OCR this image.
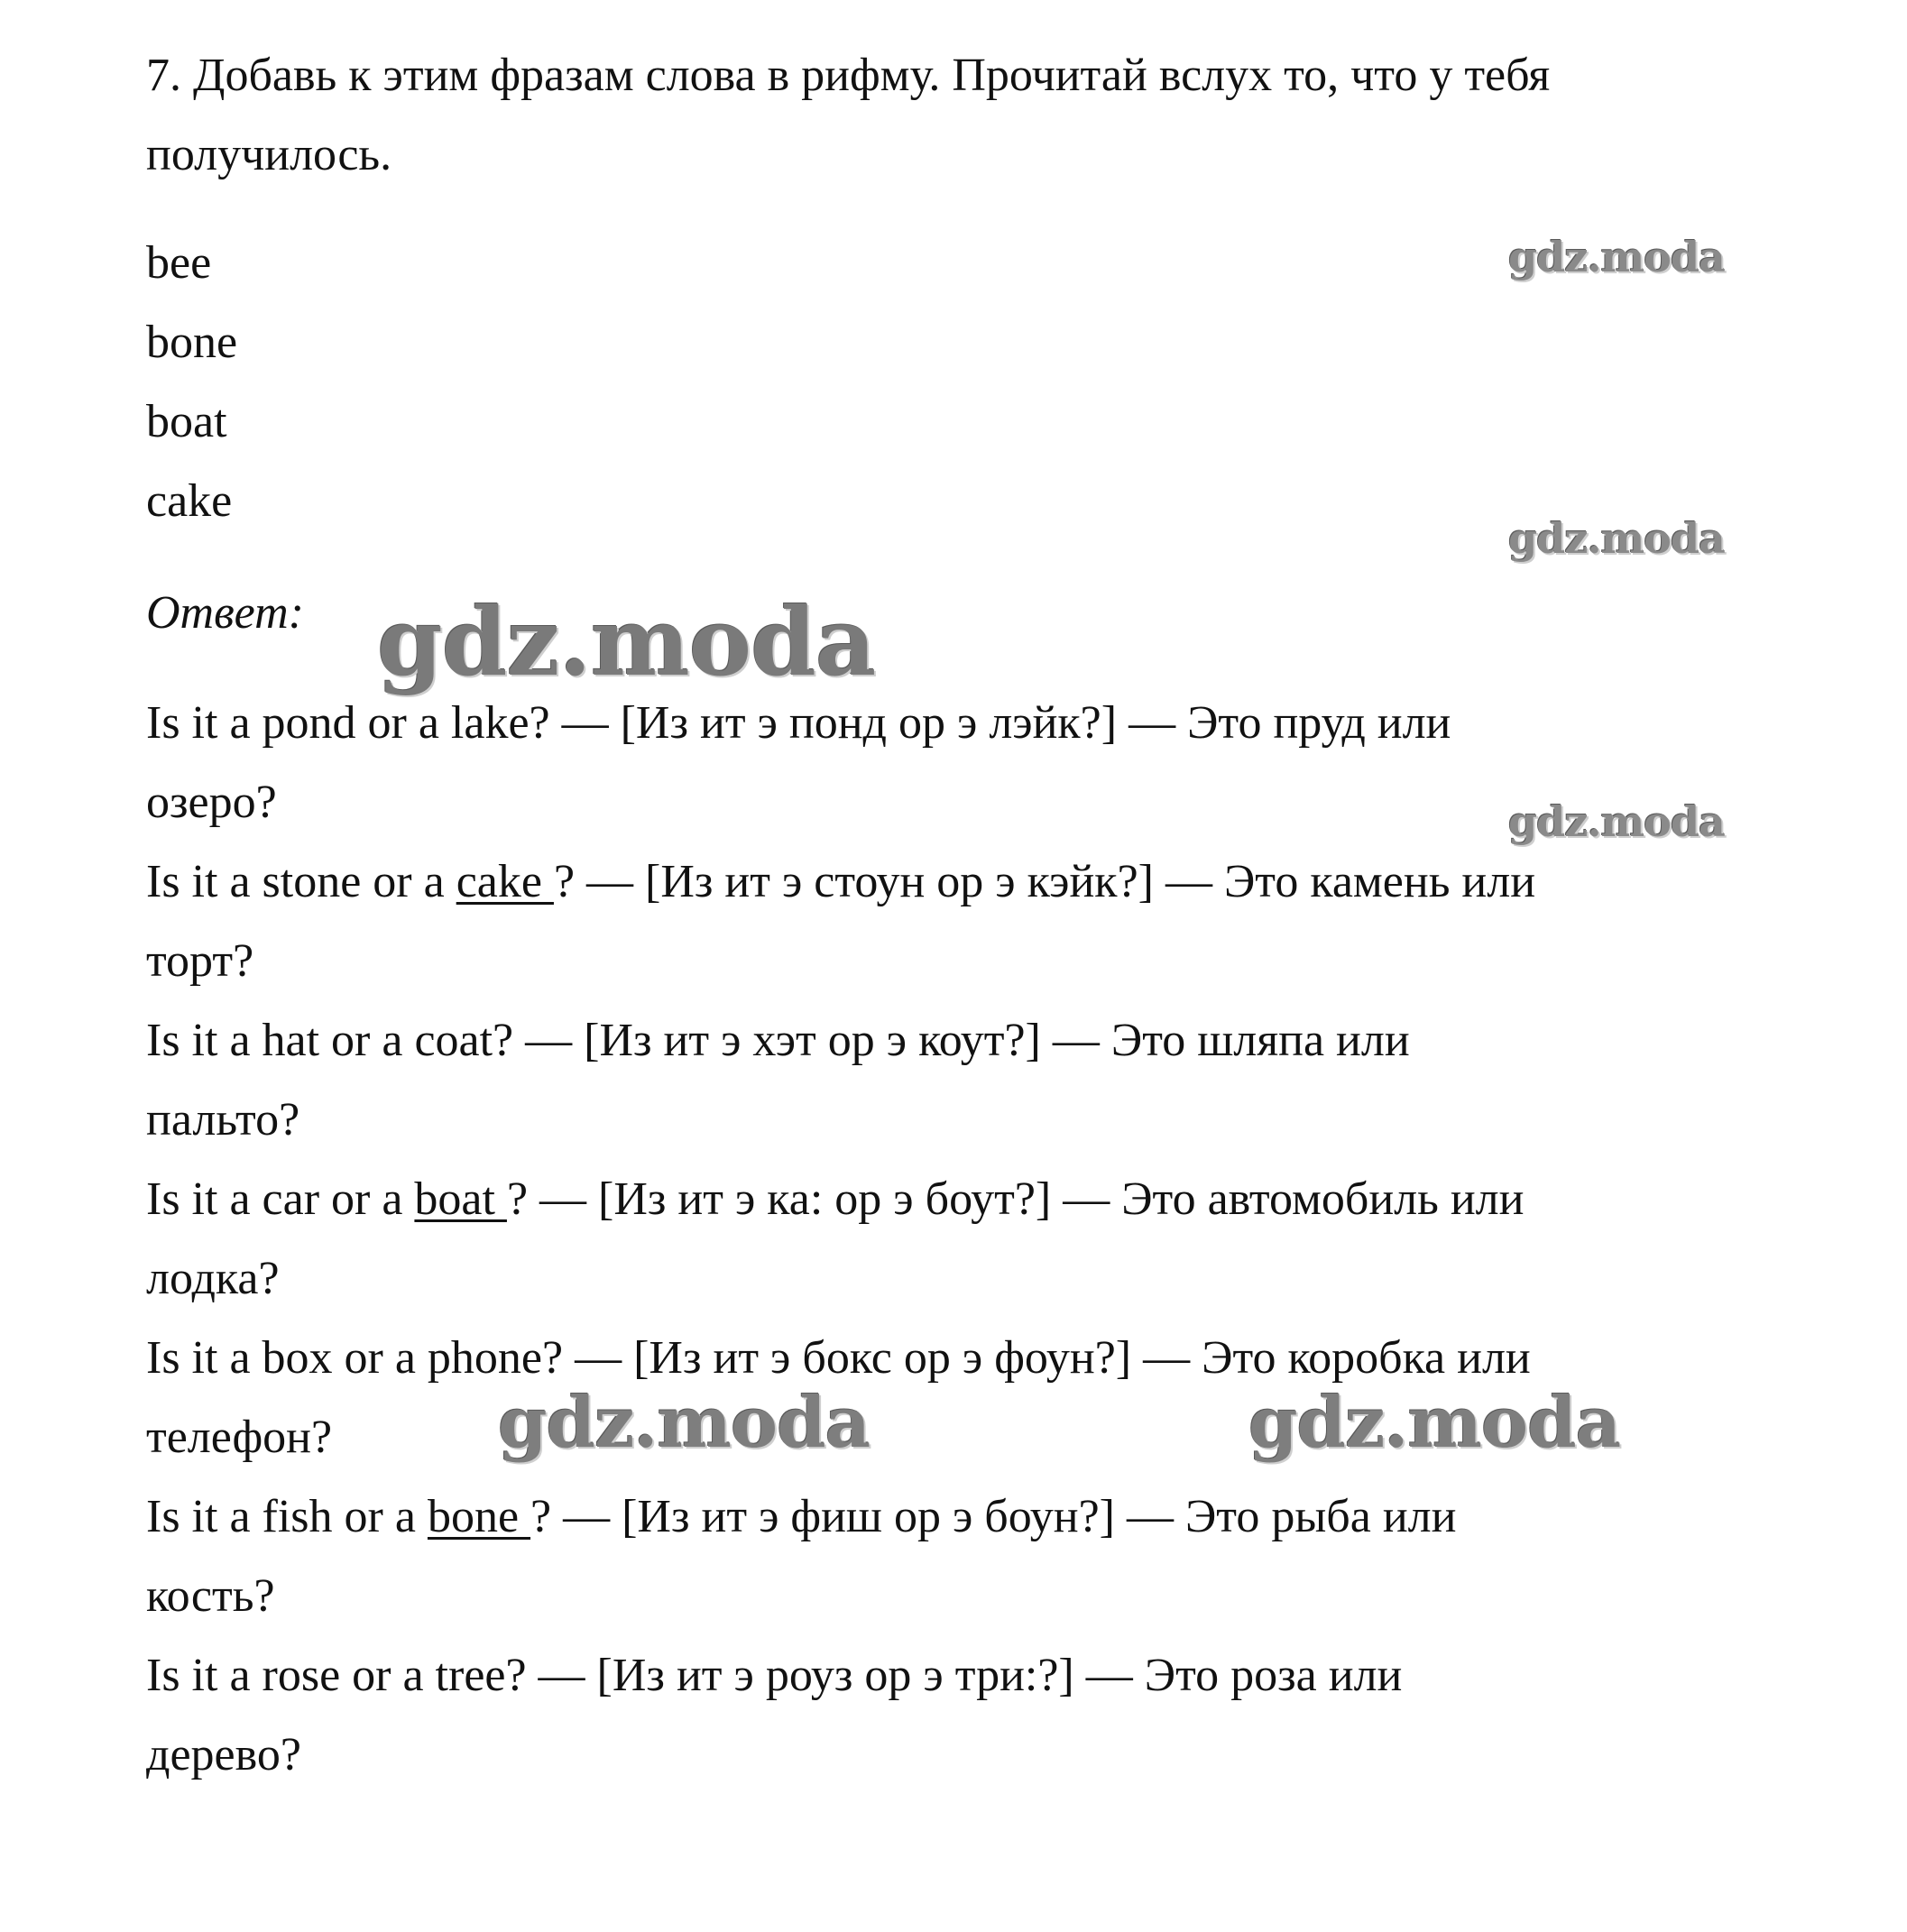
7. Добавь к этим фразам слова в рифму. Прочитай вслух то, что у тебя

получилось.

bee

bone

boat

cake

Ответ:

Is it a pond or a lake? — [Из ит э понд ор э лэйк?] — Это пруд или

озеро?

Is it a stone or a cake ? — [Из ит э стоун ор э кэйк?] — Это камень или

торт?

Is it a hat or a coat? — [Из ит э хэт ор э коут?] — Это шляпа или

пальто?

Is it a car or a boat ? — [Из ит э ка: ор э боут?] — Это автомобиль или

лодка?

Is it a box or a phone? — [Из ит э бокс ор э фоун?] — Это коробка или

телефон?

Is it a fish or a bone ? — [Из ит э фиш ор э боун?] — Это рыба или

кость?

Is it a rose or a tree? — [Из ит э роуз ор э три:?] — Это роза или

дерево?

gdz.moda
gdz.moda
gdz.moda
gdz.moda
gdz.moda	gdz.moda
